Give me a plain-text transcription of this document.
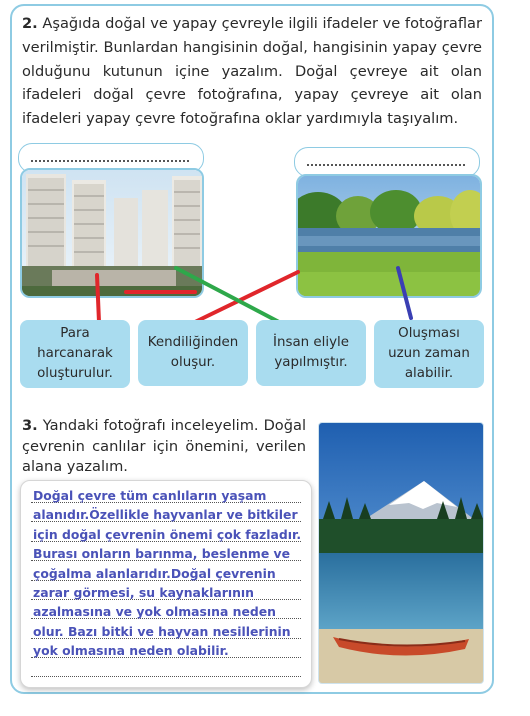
2. Aşağıda doğal ve yapay çevreyle ilgili ifadeler ve fotoğraflar verilmiştir. Bunlardan hangisinin doğal, hangisinin yapay çevre olduğunu kutunun içine yazalım. Doğal çevreye ait olan ifadeleri doğal çevre fotoğrafına, yapay çevreye ait olan ifadeleri yapay çevre fotoğrafına oklar yardımıyla taşıyalım.

Para
harcanarak
oluşturulur.
Kendiliğinden
oluşur.
İnsan eliyle
yapılmıştır.
Oluşması
uzun zaman
alabilir.

3. Yandaki fotoğrafı inceleyelim. Doğal çevrenin canlılar için önemini, verilen alana yazalım.

Doğal çevre tüm canlıların yaşam
alanıdır.Özellikle hayvanlar ve bitkiler
için doğal çevrenin önemi çok fazladır.
Burası onların barınma, beslenme ve
çoğalma alanlarıdır.Doğal çevrenin
zarar görmesi, su kaynaklarının
azalmasına ve yok olmasına neden
olur. Bazı bitki ve hayvan nesillerinin
yok olmasına neden olabilir.
